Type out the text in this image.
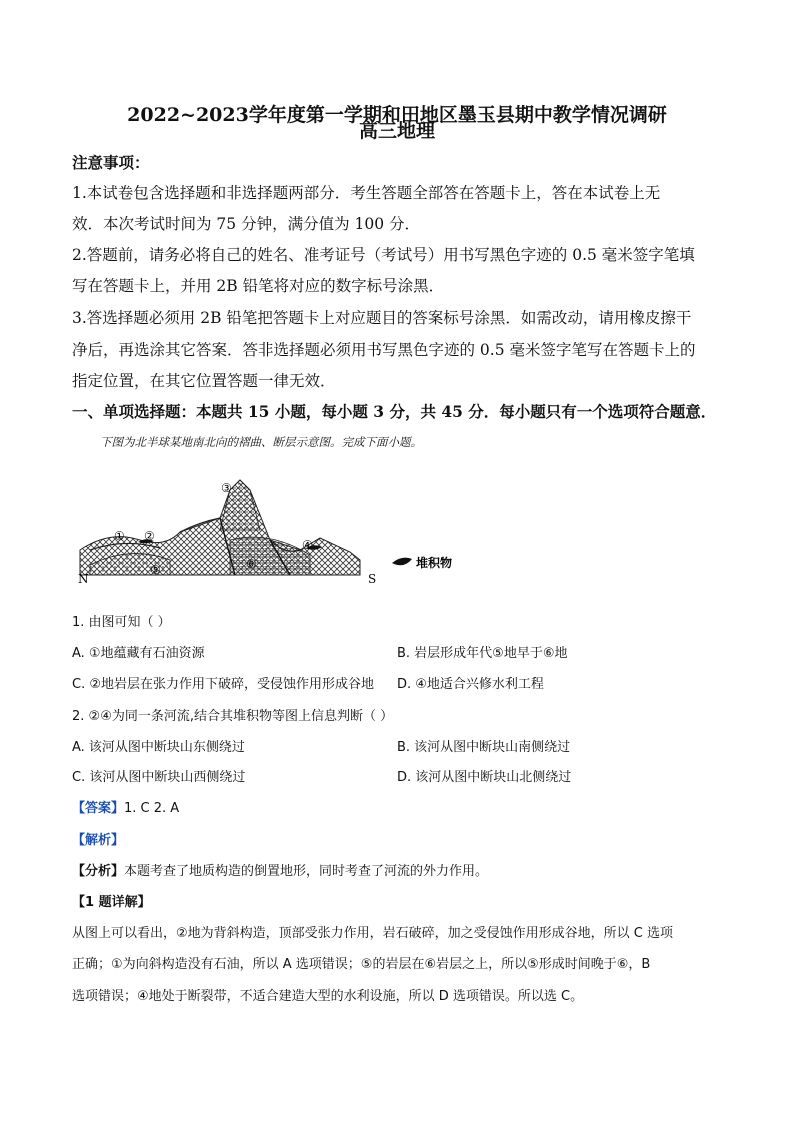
2022~2023学年度第一学期和田地区墨玉县期中教学情况调研
高三地理
注意事项：
1.本试卷包含选择题和非选择题两部分．考生答题全部答在答题卡上，答在本试卷上无
效．本次考试时间为 75 分钟，满分值为 100 分．
2.答题前，请务必将自己的姓名、准考证号（考试号）用书写黑色字迹的 0.5 毫米签字笔填
写在答题卡上，并用 2B 铅笔将对应的数字标号涂黑．
3.答选择题必须用 2B 铅笔把答题卡上对应题目的答案标号涂黑．如需改动，请用橡皮擦干
净后，再选涂其它答案．答非选择题必须用书写黑色字迹的 0.5 毫米签字笔写在答题卡上的
指定位置，在其它位置答题一律无效．
一、单项选择题：本题共 15 小题，每小题 3 分，共 45 分．每小题只有一个选项符合题意．
下图为北半球某地南北向的褶曲、断层示意图。完成下面小题。
① ②
③
④
⑤	⑥
N	S
堆积物
1. 由图可知（ ）
A. ①地蕴藏有石油资源	B. 岩层形成年代⑤地早于⑥地
C. ②地岩层在张力作用下破碎，受侵蚀作用形成谷地 D. ④地适合兴修水利工程
2. ②④为同一条河流,结合其堆积物等图上信息判断（ ）
A. 该河从图中断块山东侧绕过	B. 该河从图中断块山南侧绕过
C. 该河从图中断块山西侧绕过	D. 该河从图中断块山北侧绕过
【答案】1. C 2. A
【解析】
【分析】本题考查了地质构造的倒置地形，同时考查了河流的外力作用。
【1 题详解】
从图上可以看出，②地为背斜构造，顶部受张力作用，岩石破碎，加之受侵蚀作用形成谷地，所以 C 选项
正确；①为向斜构造没有石油，所以 A 选项错误；⑤的岩层在⑥岩层之上，所以⑤形成时间晚于⑥，B
选项错误；④地处于断裂带，不适合建造大型的水利设施，所以 D 选项错误。所以选 C。
